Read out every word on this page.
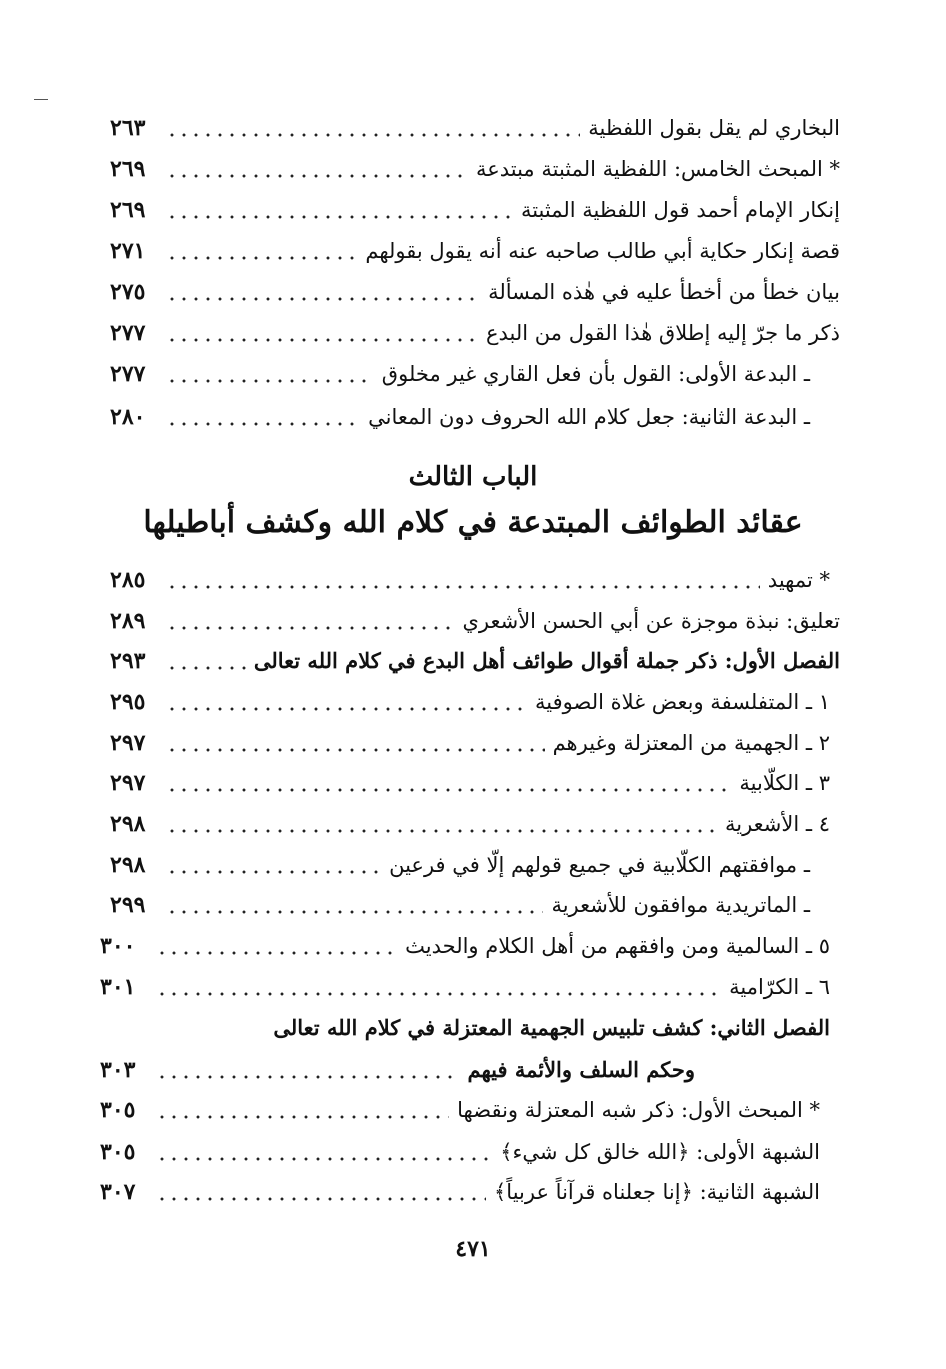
البخاري لم يقل بقول اللفظية
٢٦٣
* المبحث الخامس: اللفظية المثبتة مبتدعة
٢٦٩
إنكار الإمام أحمد قول اللفظية المثبتة
٢٦٩
قصة إنكار حكاية أبي طالب صاحبه عنه أنه يقول بقولهم
٢٧١
بيان خطأ من أخطأ عليه في هٰذه المسألة
٢٧٥
ذكر ما جرّ إليه إطلاق هٰذا القول من البدع
٢٧٧
ـ البدعة الأولى: القول بأن فعل القاري غير مخلوق
٢٧٧
ـ البدعة الثانية: جعل كلام الله الحروف دون المعاني
٢٨٠
الباب الثالث
عقائد الطوائف المبتدعة في كلام الله وكشف أباطيلها
* تمهيد
٢٨٥
تعليق: نبذة موجزة عن أبي الحسن الأشعري
٢٨٩
الفصل الأول: ذكر جملة أقوال طوائف أهل البدع في كلام الله تعالى
٢٩٣
١ ـ المتفلسفة وبعض غلاة الصوفية
٢٩٥
٢ ـ الجهمية من المعتزلة وغيرهم
٢٩٧
٣ ـ الكلّابية
٢٩٧
٤ ـ الأشعرية
٢٩٨
ـ موافقتهم الكلّابية في جميع قولهم إلّا في فرعين
٢٩٨
ـ الماتريدية موافقون للأشعرية
٢٩٩
٥ ـ السالمية ومن وافقهم من أهل الكلام والحديث
٣٠٠
٦ ـ الكرّامية
٣٠١
الفصل الثاني: كشف تلبيس الجهمية المعتزلة في كلام الله تعالى
وحكم السلف والأئمة فيهم
٣٠٣
* المبحث الأول: ذكر شبه المعتزلة ونقضها
٣٠٥
الشبهة الأولى: ﴿الله خالق كل شيء﴾
٣٠٥
الشبهة الثانية: ﴿إنا جعلناه قرآناً عربياً﴾
٣٠٧
٤٧١
